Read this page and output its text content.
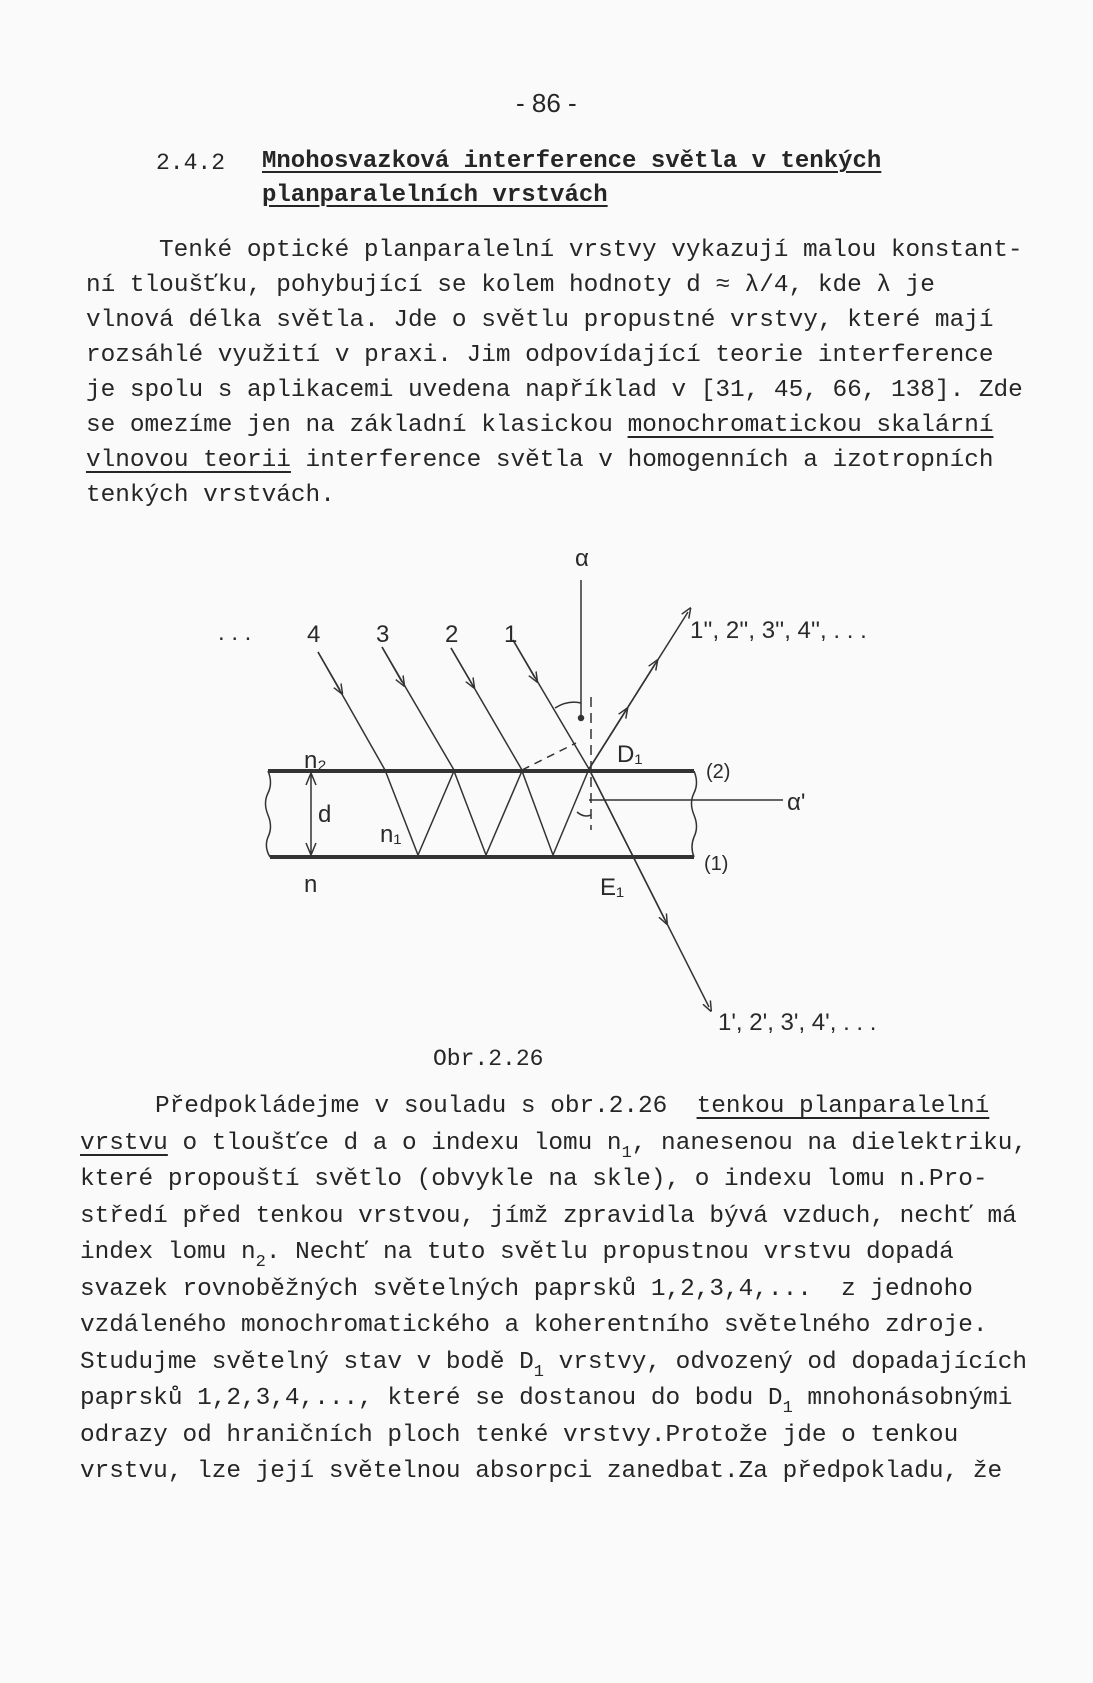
- 86 -
2.4.2 Mnohosvazková interference světla v tenkých
planparalelních vrstvách
Tenké optické planparalelní vrstvy vykazují malou konstant-
ní tloušťku, pohybující se kolem hodnoty d ≈ λ/4, kde λ je
vlnová délka světla. Jde o světlu propustné vrstvy, které mají
rozsáhlé využití v praxi. Jim odpovídající teorie interference
je spolu s aplikacemi uvedena například v [31, 45, 66, 138]. Zde
se omezíme jen na základní klasickou monochromatickou skalární
vlnovou teorii interference světla v homogenních a izotropních
tenkých vrstvách.
α
. . . 4 3 2 1	1'', 2'', 3'', 4'', . . .
1', 2', 3', 4', . . .
n₂
d
n₁
n
D₁
E₁
(2)
(1)
α'
Obr.2.26
Předpokládejme v souladu s obr.2.26  tenkou planparalelní
vrstvu o tloušťce d a o indexu lomu $n_1$, nanesenou na dielektriku,
které propouští světlo (obvykle na skle), o indexu lomu n.Pro-
středí před tenkou vrstvou, jímž zpravidla bývá vzduch, nechť má
index lomu $n_2$. Nechť na tuto světlu propustnou vrstvu dopadá
svazek rovnoběžných světelných paprsků 1,2,3,4,...  z jednoho
vzdáleného monochromatického a koherentního světelného zdroje.
Studujme světelný stav v bodě $D_1$ vrstvy, odvozený od dopadajících
paprsků 1,2,3,4,..., které se dostanou do bodu $D_1$ mnohonásobnými
odrazy od hraničních ploch tenké vrstvy.Protože jde o tenkou
vrstvu, lze její světelnou absorpci zanedbat.Za předpokladu, že
